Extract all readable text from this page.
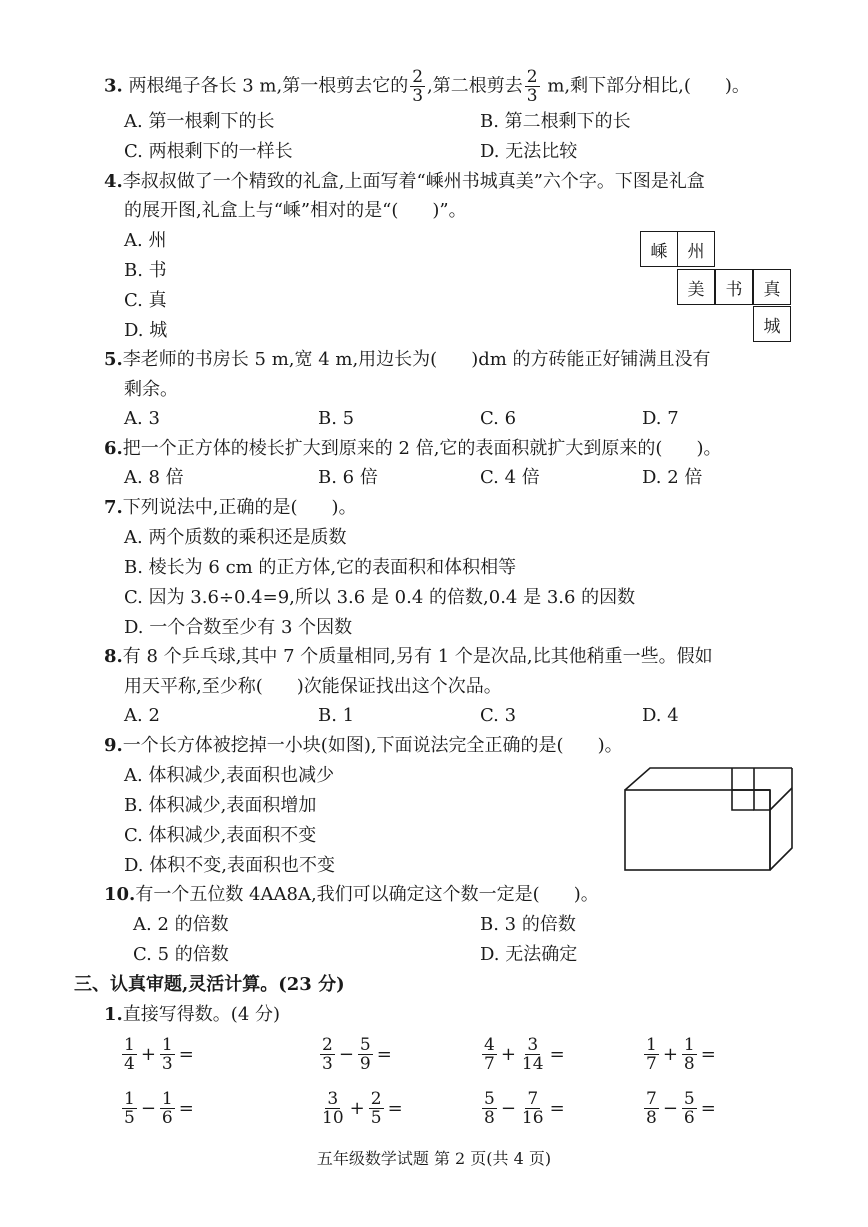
3. 两根绳子各长 3 m,第一根剪去它的 $\frac{2}{3}$ ,第二根剪去 $\frac{2}{3} m$,剩下部分相比,( )。
A. 第一根剩下的长	B. 第二根剩下的长
C. 两根剩下的一样长	D. 无法比较
4.李叔叔做了一个精致的礼盒,上面写着“嵊州书城真美”六个字。下图是礼盒
的展开图,礼盒上与“嵊”相对的是“( )”。
A. 州
B. 书
C. 真
D. 城
嵊	州
美	书	真
城
5.李老师的书房长 5 m,宽 4 m,用边长为( )dm 的方砖能正好铺满且没有
剩余。
A. 3	B. 5	C. 6	D. 7
6.把一个正方体的棱长扩大到原来的 2 倍,它的表面积就扩大到原来的( )。
A. 8 倍	B. 6 倍	C. 4 倍	D. 2 倍
7.下列说法中,正确的是( )。
A. 两个质数的乘积还是质数
B. 棱长为 6 cm 的正方体,它的表面积和体积相等
C. 因为 3.6÷0.4=9,所以 3.6 是 0.4 的倍数,0.4 是 3.6 的因数
D. 一个合数至少有 3 个因数
8.有 8 个乒乓球,其中 7 个质量相同,另有 1 个是次品,比其他稍重一些。假如
用天平称,至少称( )次能保证找出这个次品。
A. 2	B. 1	C. 3	D. 4
9.一个长方体被挖掉一小块(如图),下面说法完全正确的是( )。
A. 体积减少,表面积也减少
B. 体积减少,表面积增加
C. 体积减少,表面积不变
D. 体积不变,表面积也不变
10.有一个五位数 4AA8A,我们可以确定这个数一定是( )。
A. 2 的倍数	B. 3 的倍数
C. 5 的倍数	D. 无法确定
三、认真审题,灵活计算。(23 分)
1.直接写得数。(4 分)
$\frac{1}{4} + \frac{1}{3}$ =	$\frac{2}{3} - \frac{5}{9}$ =	$\frac{4}{7} + \frac{3}{14}$ =	$\frac{1}{7} + \frac{1}{8}$ =
$\frac{1}{5} - \frac{1}{6}$ =	$\frac{3}{10} + \frac{2}{5}$ =	$\frac{5}{8} - \frac{7}{16}$ =	$\frac{7}{8} - \frac{5}{6}$ =
五年级数学试题 第 2 页(共 4 页)
